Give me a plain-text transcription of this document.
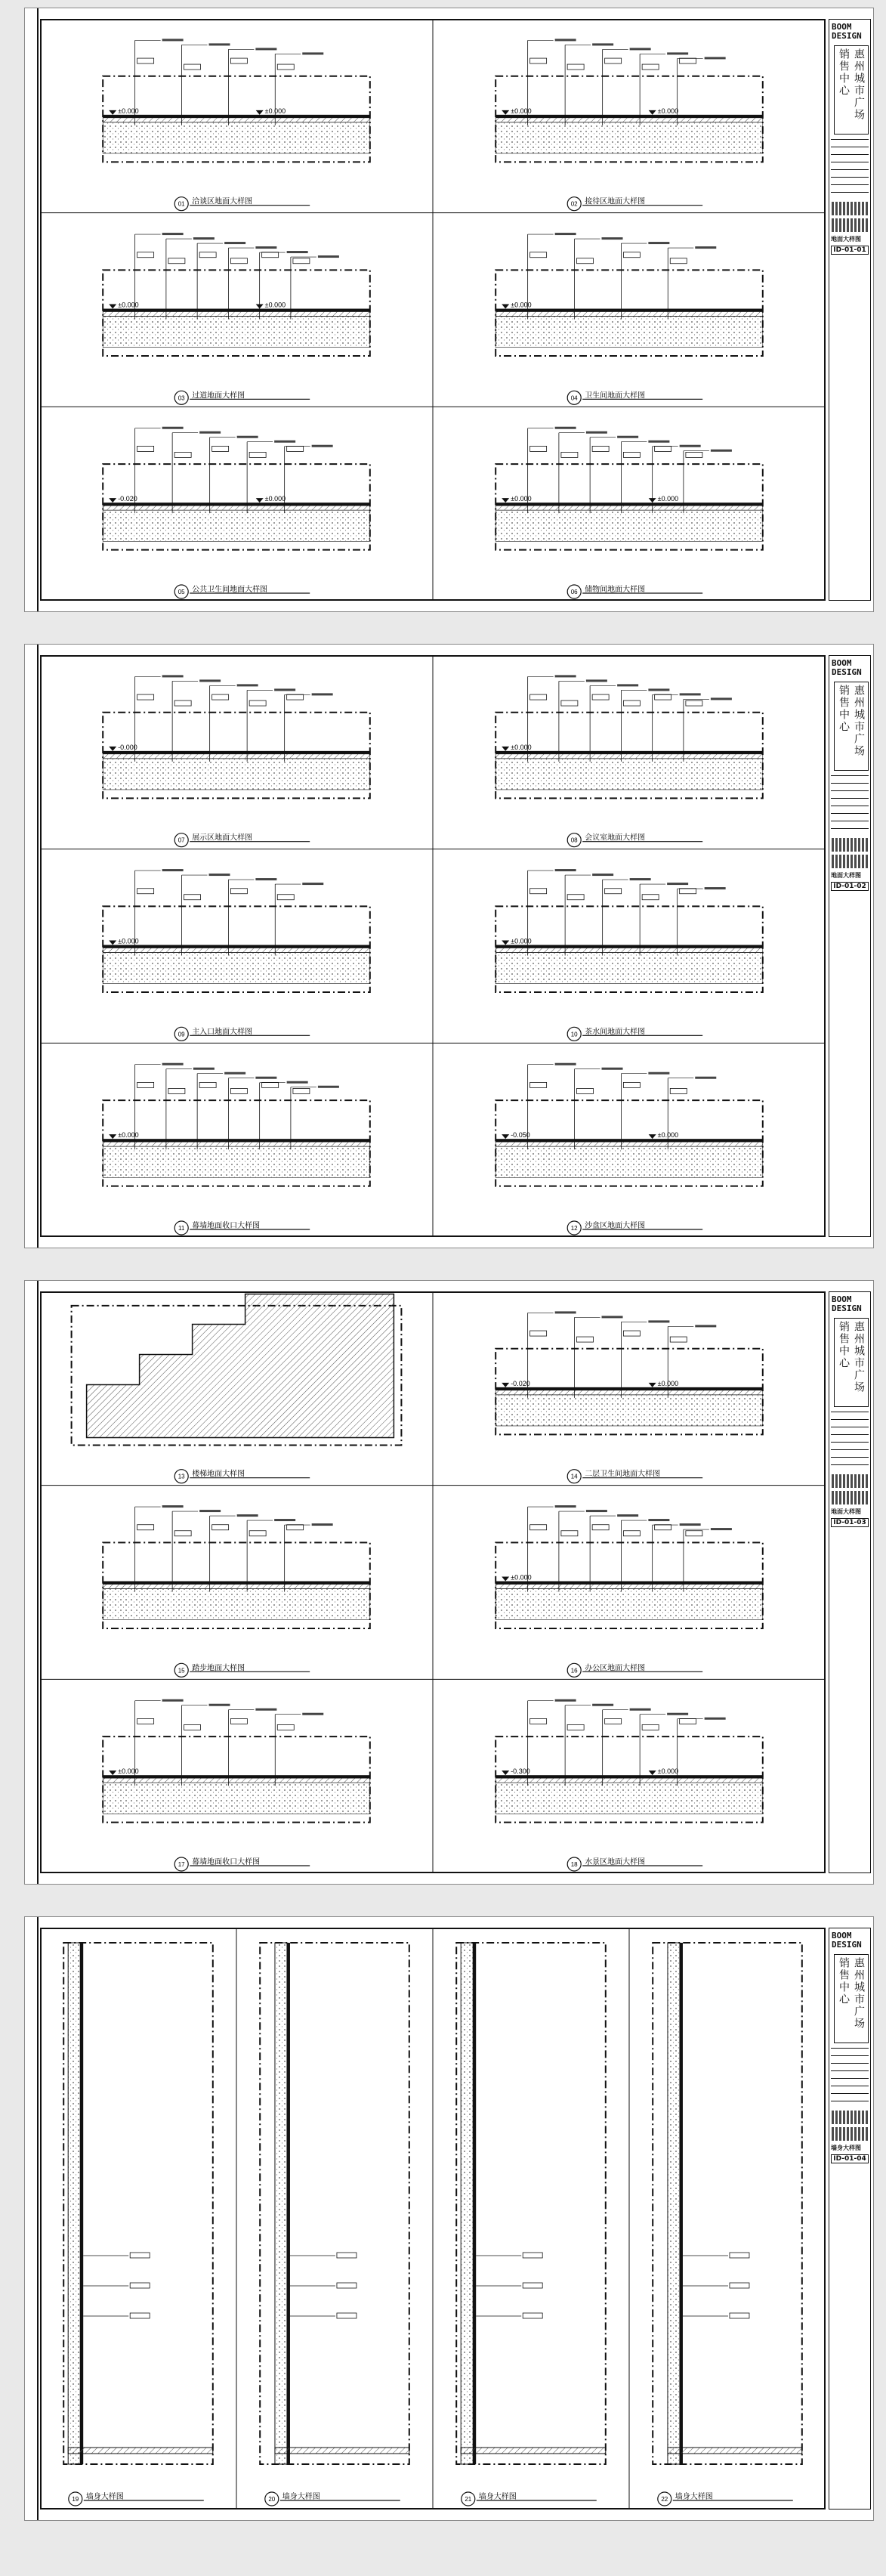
±0.000	±0.000
01 洽谈区地面大样图
±0.000	±0.000
02 接待区地面大样图
±0.000	±0.000
03 过道地面大样图
±0.000
04 卫生间地面大样图
-0.020	±0.000
05 公共卫生间地面大样图
±0.000	±0.000
06 储物间地面大样图
BOOM DESIGN
惠州城市广场销售中心
地面大样图
ID-01-01
-0.000
07 展示区地面大样图
±0.000
08 会议室地面大样图
±0.000
09 主入口地面大样图
±0.000
10 茶水间地面大样图
±0.000
11 幕墙地面收口大样图
-0.050	±0.000
12 沙盘区地面大样图
BOOM DESIGN
惠州城市广场销售中心
地面大样图
ID-01-02
13 楼梯地面大样图
-0.020	±0.000
14 二层卫生间地面大样图
15 踏步地面大样图
±0.000
16 办公区地面大样图
±0.000
17 幕墙地面收口大样图
-0.300	±0.000
18 水景区地面大样图
BOOM DESIGN
惠州城市广场销售中心
地面大样图
ID-01-03
19 墙身大样图	20 墙身大样图	21 墙身大样图	22 墙身大样图
BOOM DESIGN
惠州城市广场销售中心
墙身大样图
ID-01-04
